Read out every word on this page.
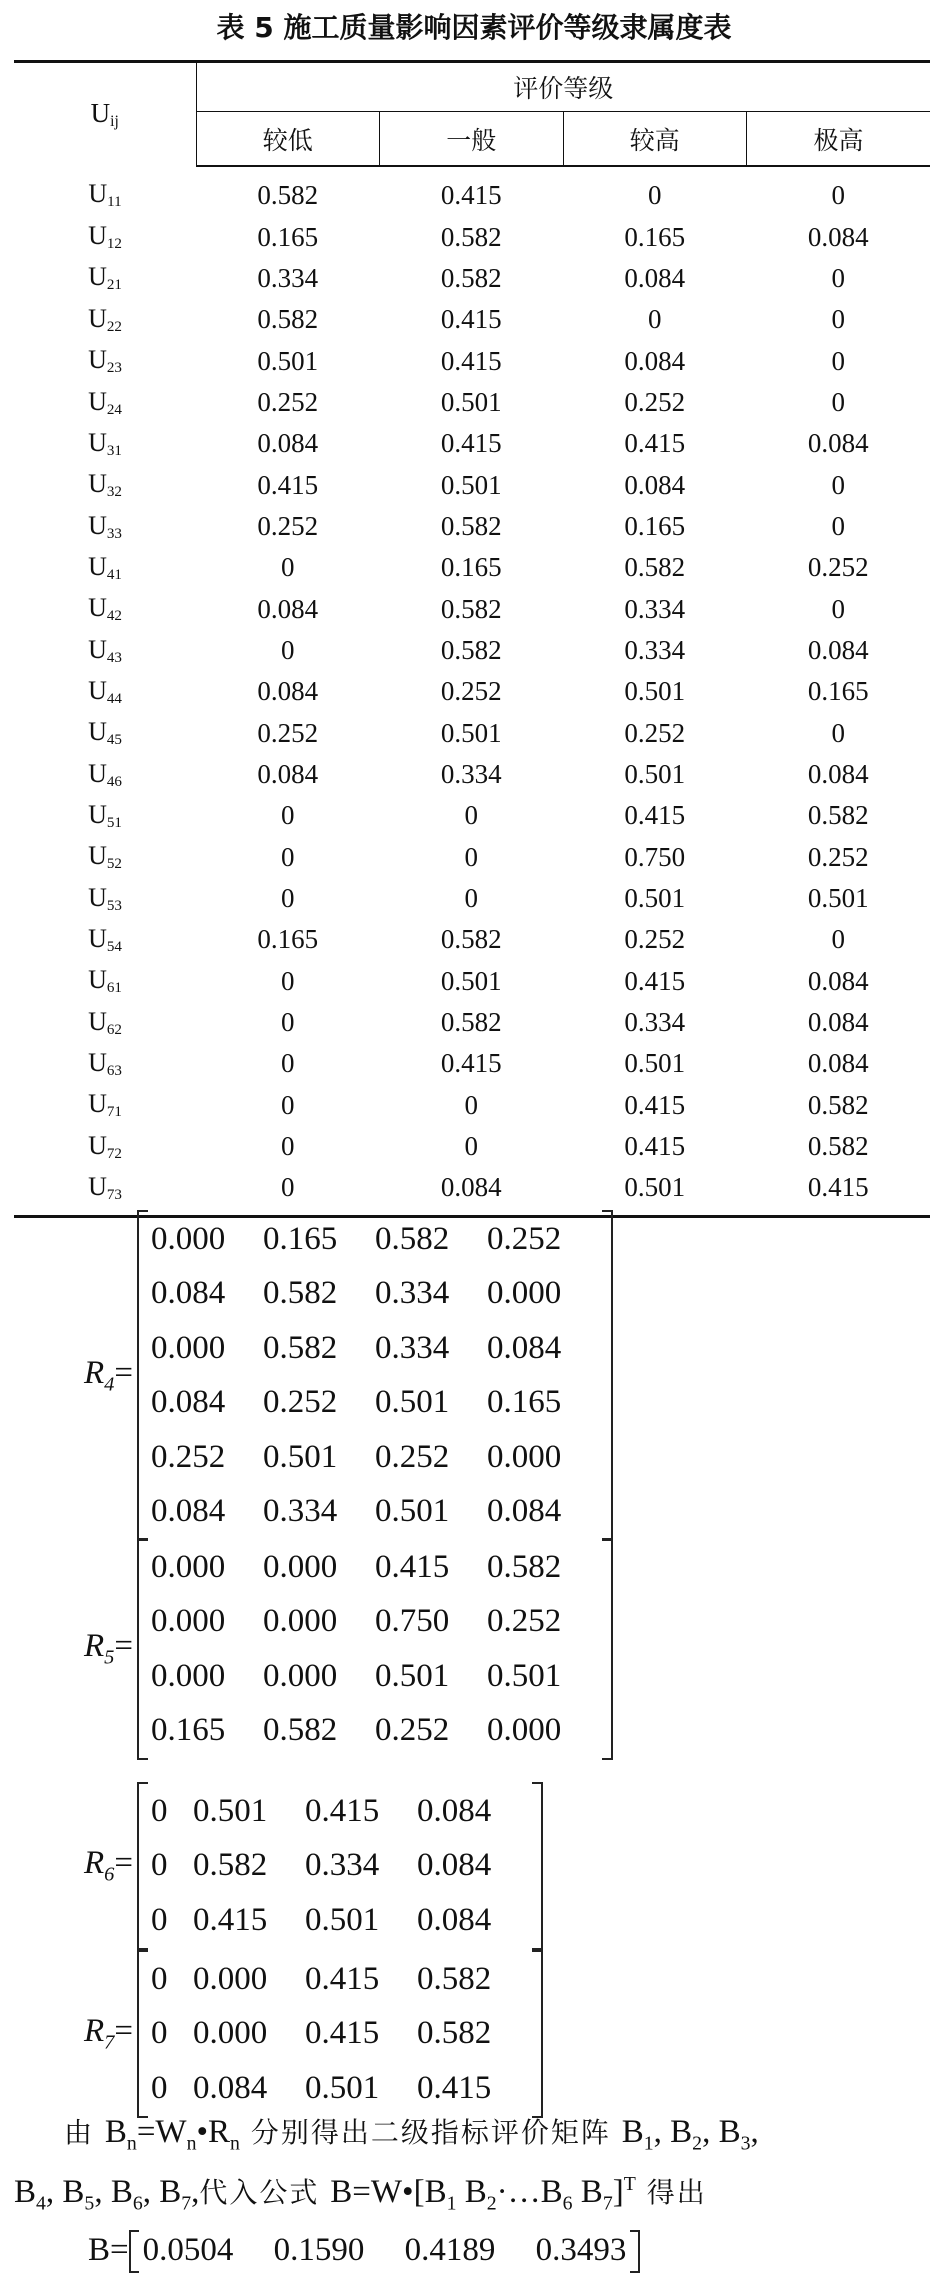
表 5 施工质量影响因素评价等级隶属度表
$U_{ij}$	评价等级			
	较低	一般	较高	极高
$U_{11}$	0.582	0.415	0	0
$U_{12}$	0.165	0.582	0.165	0.084
$U_{21}$	0.334	0.582	0.084	0
$U_{22}$	0.582	0.415	0	0
$U_{23}$	0.501	0.415	0.084	0
$U_{24}$	0.252	0.501	0.252	0
$U_{31}$	0.084	0.415	0.415	0.084
$U_{32}$	0.415	0.501	0.084	0
$U_{33}$	0.252	0.582	0.165	0
$U_{41}$	0	0.165	0.582	0.252
$U_{42}$	0.084	0.582	0.334	0
$U_{43}$	0	0.582	0.334	0.084
$U_{44}$	0.084	0.252	0.501	0.165
$U_{45}$	0.252	0.501	0.252	0
$U_{46}$	0.084	0.334	0.501	0.084
$U_{51}$	0	0	0.415	0.582
$U_{52}$	0	0	0.750	0.252
$U_{53}$	0	0	0.501	0.501
$U_{54}$	0.165	0.582	0.252	0
$U_{61}$	0	0.501	0.415	0.084
$U_{62}$	0	0.582	0.334	0.084
$U_{63}$	0	0.415	0.501	0.084
$U_{71}$	0	0	0.415	0.582
$U_{72}$	0	0	0.415	0.582
$U_{73}$	0	0.084	0.501	0.415
$R_4=$
0.000	0.165	0.582	0.252
0.084	0.582	0.334	0.000
0.000	0.582	0.334	0.084
0.084	0.252	0.501	0.165
0.252	0.501	0.252	0.000
0.084	0.334	0.501	0.084
$R_5=$
0.000	0.000	0.415	0.582
0.000	0.000	0.750	0.252
0.000	0.000	0.501	0.501
0.165	0.582	0.252	0.000
$R_6=$
0 0.501	0.415	0.084
0 0.582	0.334	0.084
0 0.415	0.501	0.084
$R_7=$
0 0.000	0.415	0.582
0 0.000	0.415	0.582
0 0.084	0.501	0.415
由 $B_n=W_n•R_n$ 分别得出二级指标评价矩阵 $B_1$, $B_2$, $B_3$,
$B_4$, $B_5$, $B_6$, $B_7$,代入公式 $B=W•[B_1$ $B_2\cdot\dots B_6$ $B_7]^T$ 得出
B= 0.0504 0.1590 0.4189 0.3493
